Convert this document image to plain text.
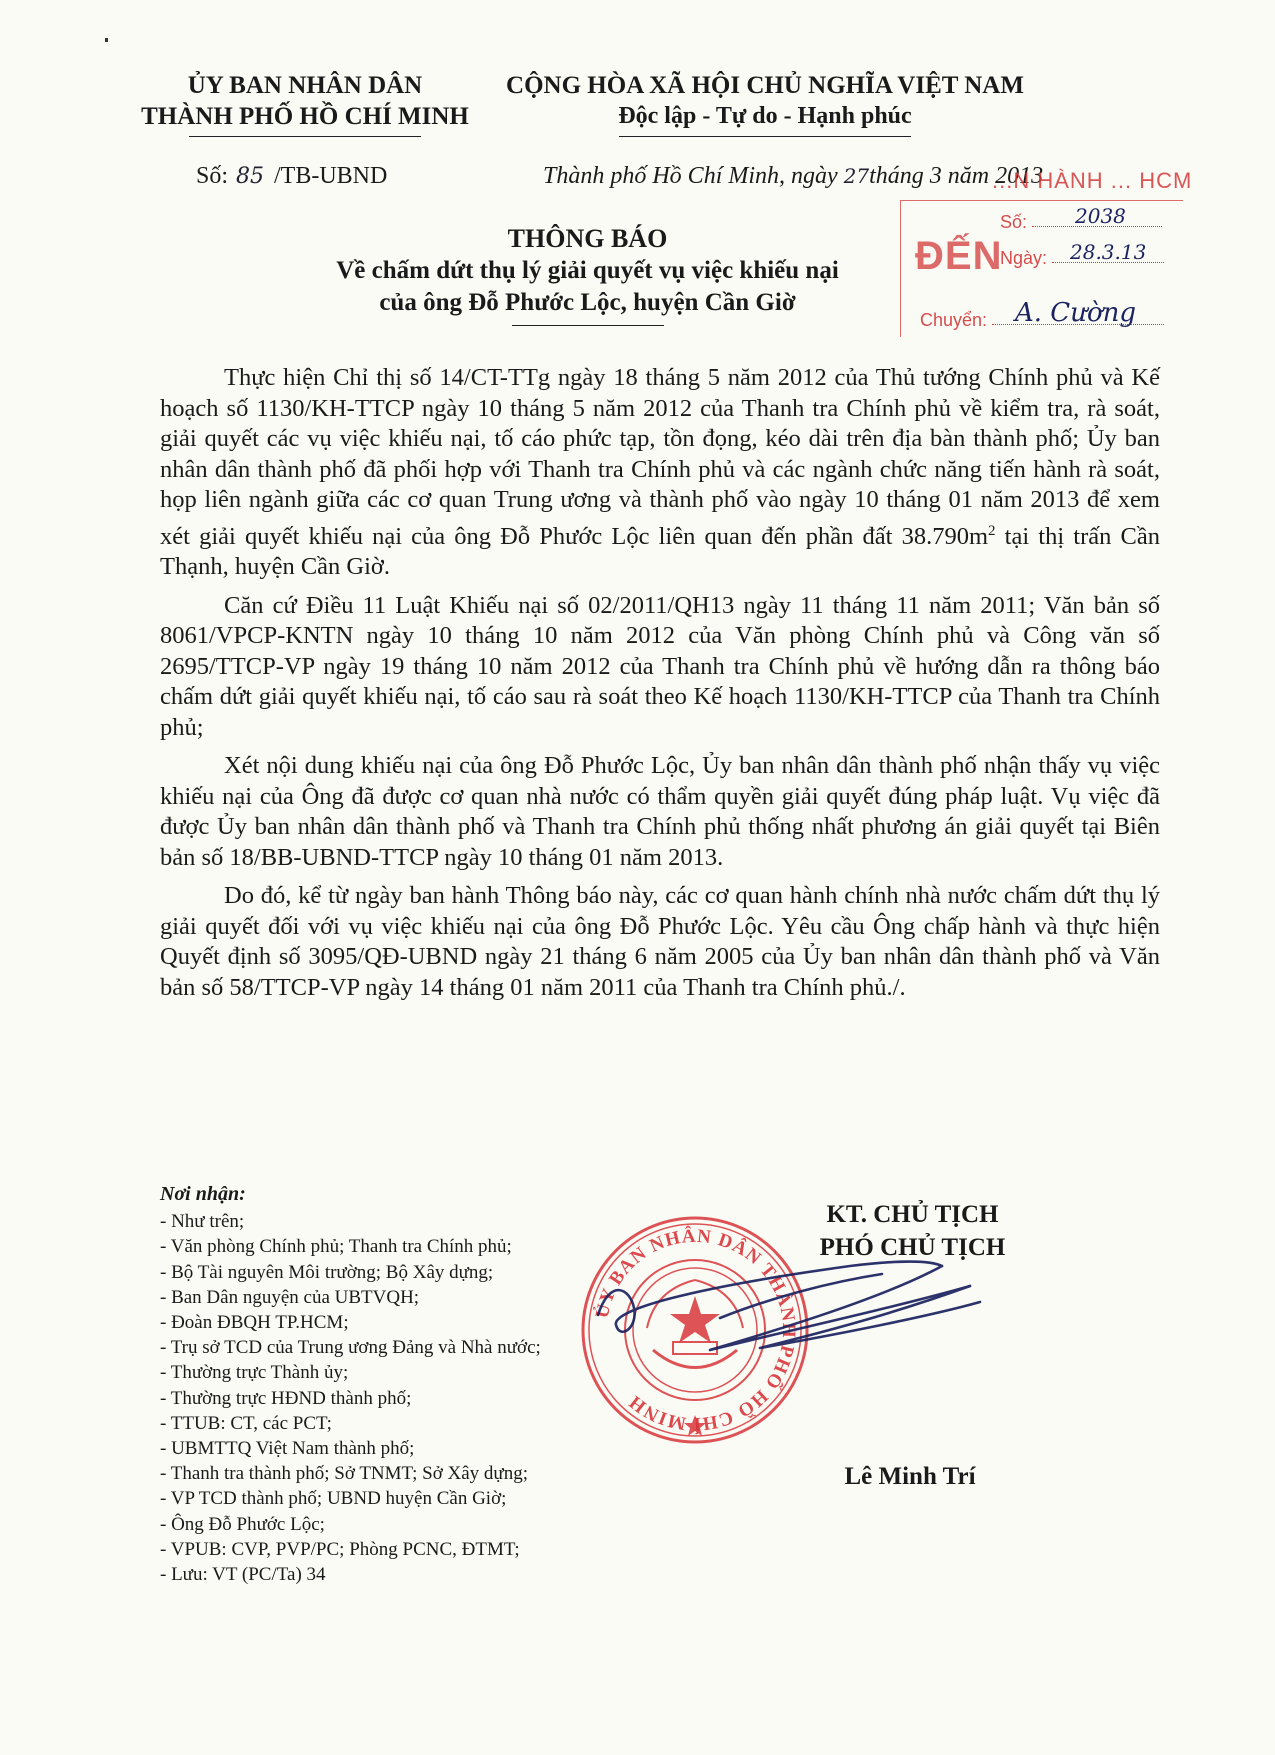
ỦY BAN NHÂN DÂN
THÀNH PHỐ HỒ CHÍ MINH
CỘNG HÒA XÃ HỘI CHỦ NGHĨA VIỆT NAM
Độc lập - Tự do - Hạnh phúc
Số: 85 /TB-UBND	Thành phố Hồ Chí Minh, ngày 27tháng 3 năm 2013
...N HÀNH ... HCM
ĐẾN
Số: 2038
Ngày: 28.3.13
Chuyển: A. Cường
THÔNG BÁO
Về chấm dứt thụ lý giải quyết vụ việc khiếu nại
của ông Đỗ Phước Lộc, huyện Cần Giờ

Thực hiện Chỉ thị số 14/CT-TTg ngày 18 tháng 5 năm 2012 của Thủ tướng Chính phủ và Kế hoạch số 1130/KH-TTCP ngày 10 tháng 5 năm 2012 của Thanh tra Chính phủ về kiểm tra, rà soát, giải quyết các vụ việc khiếu nại, tố cáo phức tạp, tồn đọng, kéo dài trên địa bàn thành phố; Ủy ban nhân dân thành phố đã phối hợp với Thanh tra Chính phủ và các ngành chức năng tiến hành rà soát, họp liên ngành giữa các cơ quan Trung ương và thành phố vào ngày 10 tháng 01 năm 2013 để xem xét giải quyết khiếu nại của ông Đỗ Phước Lộc liên quan đến phần đất $38.790m^2$ tại thị trấn Cần Thạnh, huyện Cần Giờ.

Căn cứ Điều 11 Luật Khiếu nại số 02/2011/QH13 ngày 11 tháng 11 năm 2011; Văn bản số 8061/VPCP-KNTN ngày 10 tháng 10 năm 2012 của Văn phòng Chính phủ và Công văn số 2695/TTCP-VP ngày 19 tháng 10 năm 2012 của Thanh tra Chính phủ về hướng dẫn ra thông báo chấm dứt giải quyết khiếu nại, tố cáo sau rà soát theo Kế hoạch 1130/KH-TTCP của Thanh tra Chính phủ;

Xét nội dung khiếu nại của ông Đỗ Phước Lộc, Ủy ban nhân dân thành phố nhận thấy vụ việc khiếu nại của Ông đã được cơ quan nhà nước có thẩm quyền giải quyết đúng pháp luật. Vụ việc đã được Ủy ban nhân dân thành phố và Thanh tra Chính phủ thống nhất phương án giải quyết tại Biên bản số 18/BB-UBND-TTCP ngày 10 tháng 01 năm 2013.

Do đó, kể từ ngày ban hành Thông báo này, các cơ quan hành chính nhà nước chấm dứt thụ lý giải quyết đối với vụ việc khiếu nại của ông Đỗ Phước Lộc. Yêu cầu Ông chấp hành và thực hiện Quyết định số 3095/QĐ-UBND ngày 21 tháng 6 năm 2005 của Ủy ban nhân dân thành phố và Văn bản số 58/TTCP-VP ngày 14 tháng 01 năm 2011 của Thanh tra Chính phủ./.

Nơi nhận:
- Như trên;
- Văn phòng Chính phủ; Thanh tra Chính phủ;
- Bộ Tài nguyên Môi trường; Bộ Xây dựng;
- Ban Dân nguyện của UBTVQH;
- Đoàn ĐBQH TP.HCM;
- Trụ sở TCD của Trung ương Đảng và Nhà nước;
- Thường trực Thành ủy;
- Thường trực HĐND thành phố;
- TTUB: CT, các PCT;
- UBMTTQ Việt Nam thành phố;
- Thanh tra thành phố; Sở TNMT; Sở Xây dựng;
- VP TCD thành phố; UBND huyện Cần Giờ;
- Ông Đỗ Phước Lộc;
- VPUB: CVP, PVP/PC; Phòng PCNC, ĐTMT;
- Lưu: VT (PC/Ta) 34
ỦY BAN NHÂN DÂN THÀNH PHỐ HỒ CHÍ MINH
KT. CHỦ TỊCH
PHÓ CHỦ TỊCH
Lê Minh Trí
